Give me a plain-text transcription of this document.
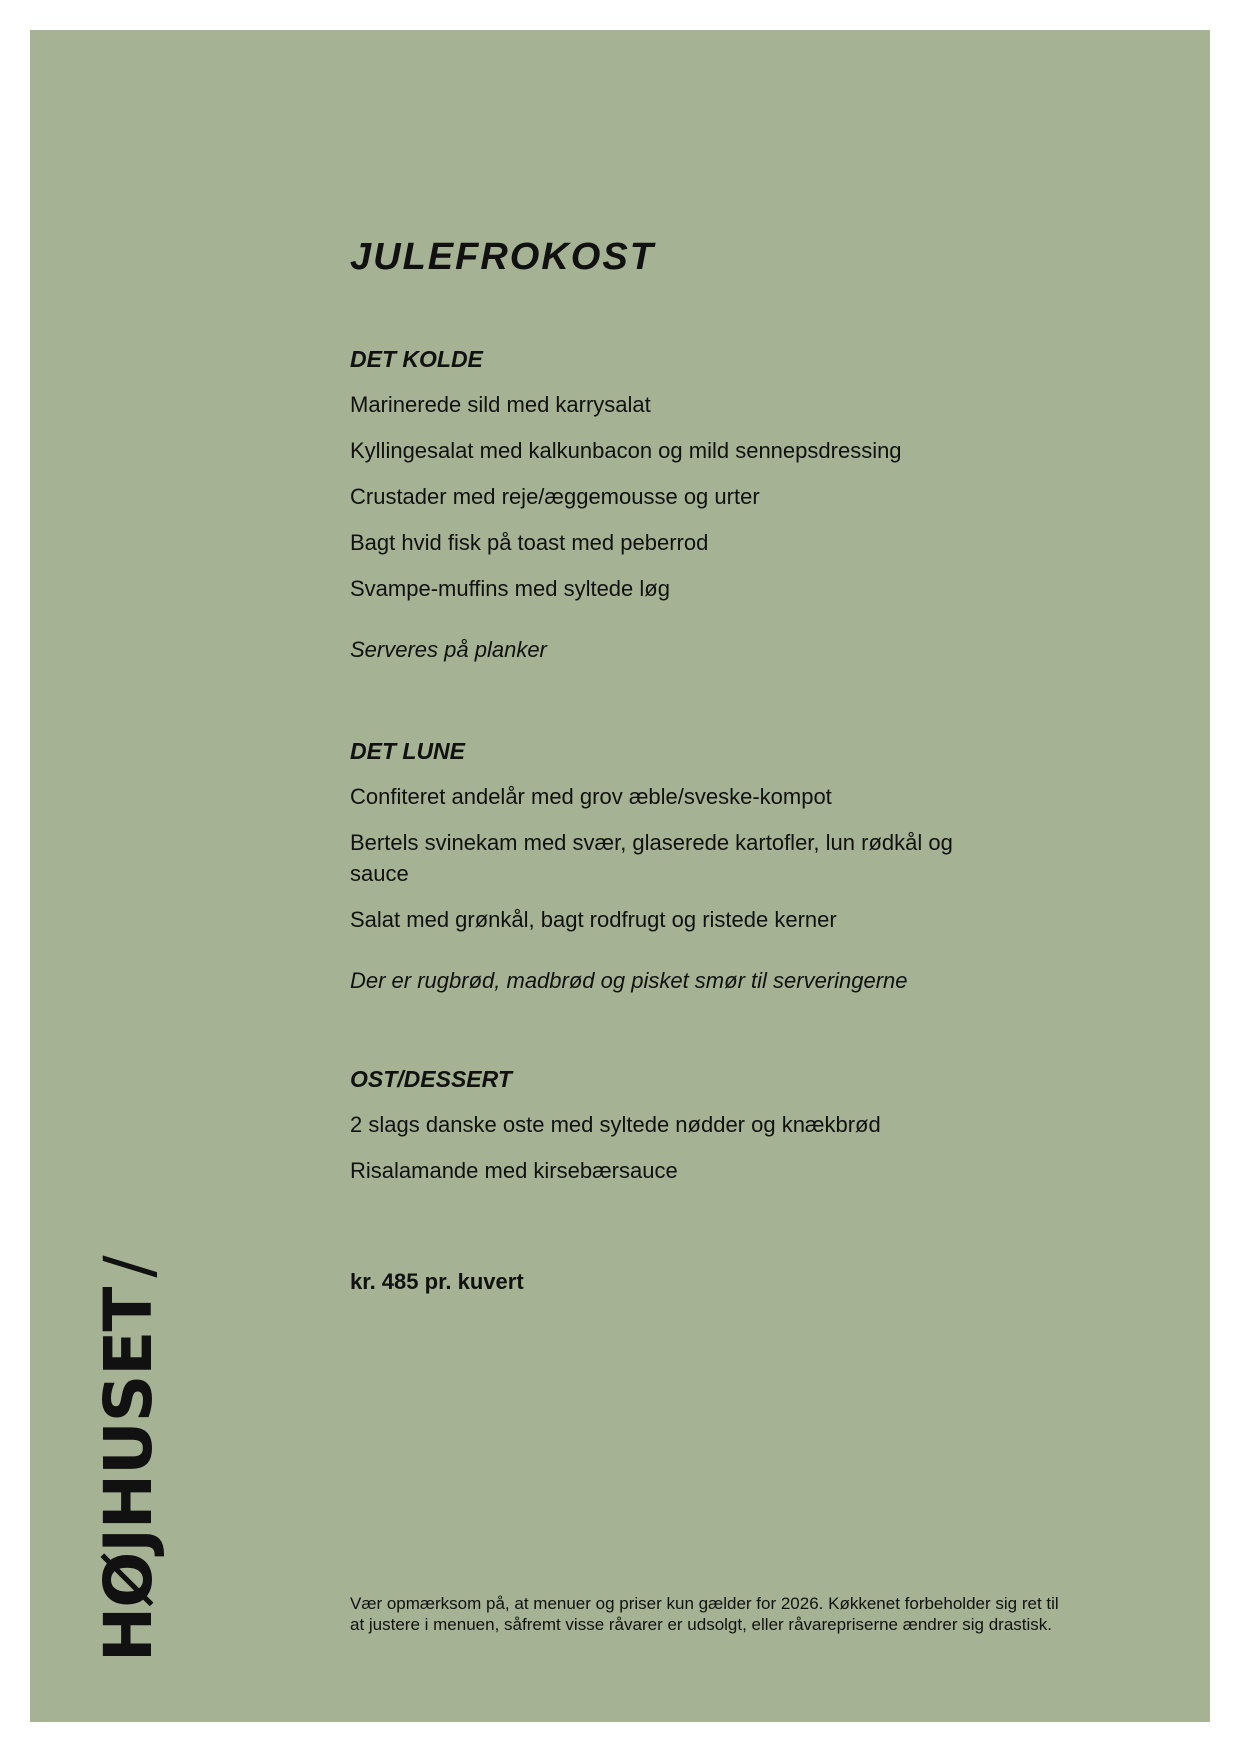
JULEFROKOST
DET KOLDE

Marinerede sild med karrysalat

Kyllingesalat med kalkunbacon og mild sennepsdressing

Crustader med reje/æggemousse og urter

Bagt hvid fisk på toast med peberrod

Svampe-muffins med syltede løg

Serveres på planker

DET LUNE

Confiteret andelår med grov æble/sveske-kompot

Bertels svinekam med svær, glaserede kartofler, lun rødkål og sauce

Salat med grønkål, bagt rodfrugt og ristede kerner

Der er rugbrød, madbrød og pisket smør til serveringerne

OST/DESSERT

2 slags danske oste med syltede nødder og knækbrød

Risalamande med kirsebærsauce

kr. 485 pr. kuvert
Vær opmærksom på, at menuer og priser kun gælder for 2026. Køkkenet forbeholder sig ret til at justere i menuen, såfremt visse råvarer er udsolgt, eller råvarepriserne ændrer sig drastisk.
HØJHUSET/
